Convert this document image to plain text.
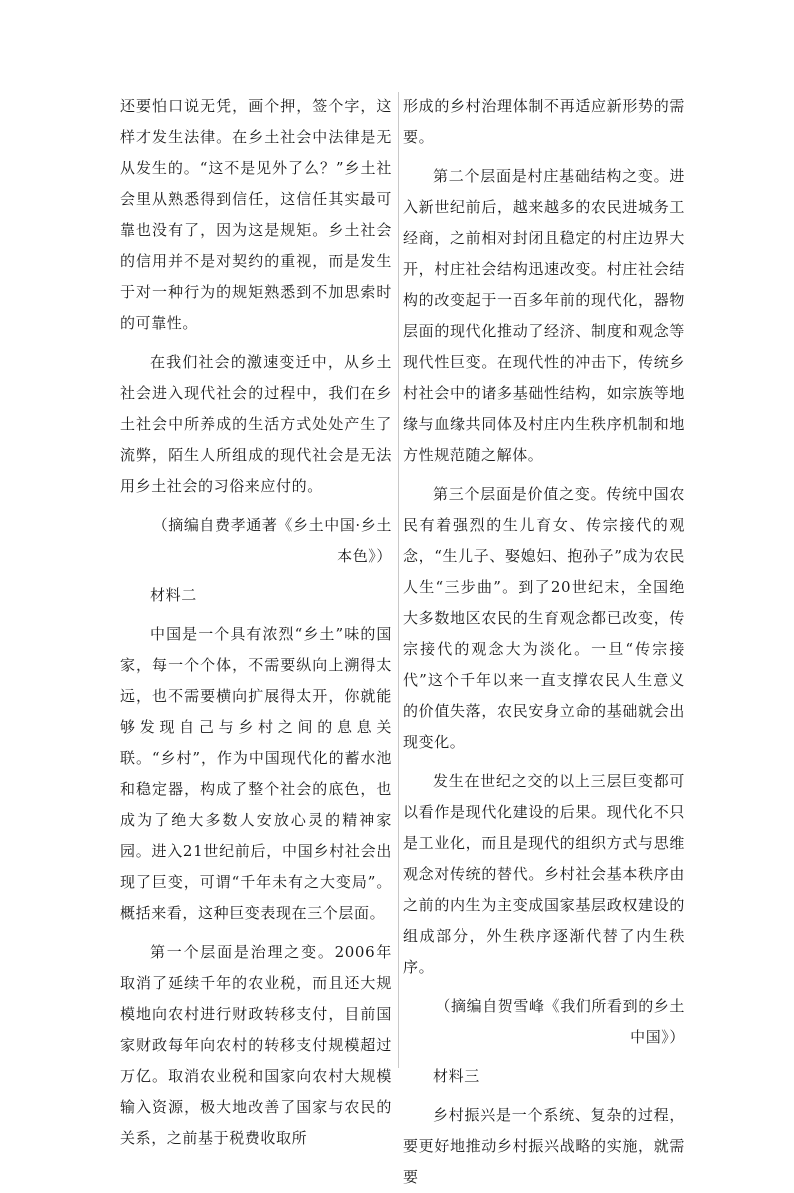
还要怕口说无凭，画个押，签个字，这样才发生法律。在乡土社会中法律是无从发生的。“这不是见外了么？”乡土社会里从熟悉得到信任，这信任其实最可靠也没有了，因为这是规矩。乡土社会的信用并不是对契约的重视，而是发生于对一种行为的规矩熟悉到不加思索时的可靠性。

在我们社会的激速变迁中，从乡土社会进入现代社会的过程中，我们在乡土社会中所养成的生活方式处处产生了流弊，陌生人所组成的现代社会是无法用乡土社会的习俗来应付的。

（摘编自费孝通著《乡土中国·乡土本色》）

材料二

中国是一个具有浓烈“乡土”味的国家，每一个个体，不需要纵向上溯得太远，也不需要横向扩展得太开，你就能够发现自己与乡村之间的息息关联。“乡村”，作为中国现代化的蓄水池和稳定器，构成了整个社会的底色，也成为了绝大多数人安放心灵的精神家园。进入21世纪前后，中国乡村社会出现了巨变，可谓“千年未有之大变局”。概括来看，这种巨变表现在三个层面。

第一个层面是治理之变。2006年取消了延续千年的农业税，而且还大规模地向农村进行财政转移支付，目前国家财政每年向农村的转移支付规模超过万亿。取消农业税和国家向农村大规模输入资源，极大地改善了国家与农民的关系，之前基于税费收取所

形成的乡村治理体制不再适应新形势的需要。

第二个层面是村庄基础结构之变。进入新世纪前后，越来越多的农民进城务工经商，之前相对封闭且稳定的村庄边界大开，村庄社会结构迅速改变。村庄社会结构的改变起于一百多年前的现代化，器物层面的现代化推动了经济、制度和观念等现代性巨变。在现代性的冲击下，传统乡村社会中的诸多基础性结构，如宗族等地缘与血缘共同体及村庄内生秩序机制和地方性规范随之解体。

第三个层面是价值之变。传统中国农民有着强烈的生儿育女、传宗接代的观念，“生儿子、娶媳妇、抱孙子”成为农民人生“三步曲”。到了20世纪末，全国绝大多数地区农民的生育观念都已改变，传宗接代的观念大为淡化。一旦“传宗接代”这个千年以来一直支撑农民人生意义的价值失落，农民安身立命的基础就会出现变化。

发生在世纪之交的以上三层巨变都可以看作是现代化建设的后果。现代化不只是工业化，而且是现代的组织方式与思维观念对传统的替代。乡村社会基本秩序由之前的内生为主变成国家基层政权建设的组成部分，外生秩序逐渐代替了内生秩序。

（摘编自贺雪峰《我们所看到的乡土中国》）

材料三

乡村振兴是一个系统、复杂的过程，要更好地推动乡村振兴战略的实施，就需要
